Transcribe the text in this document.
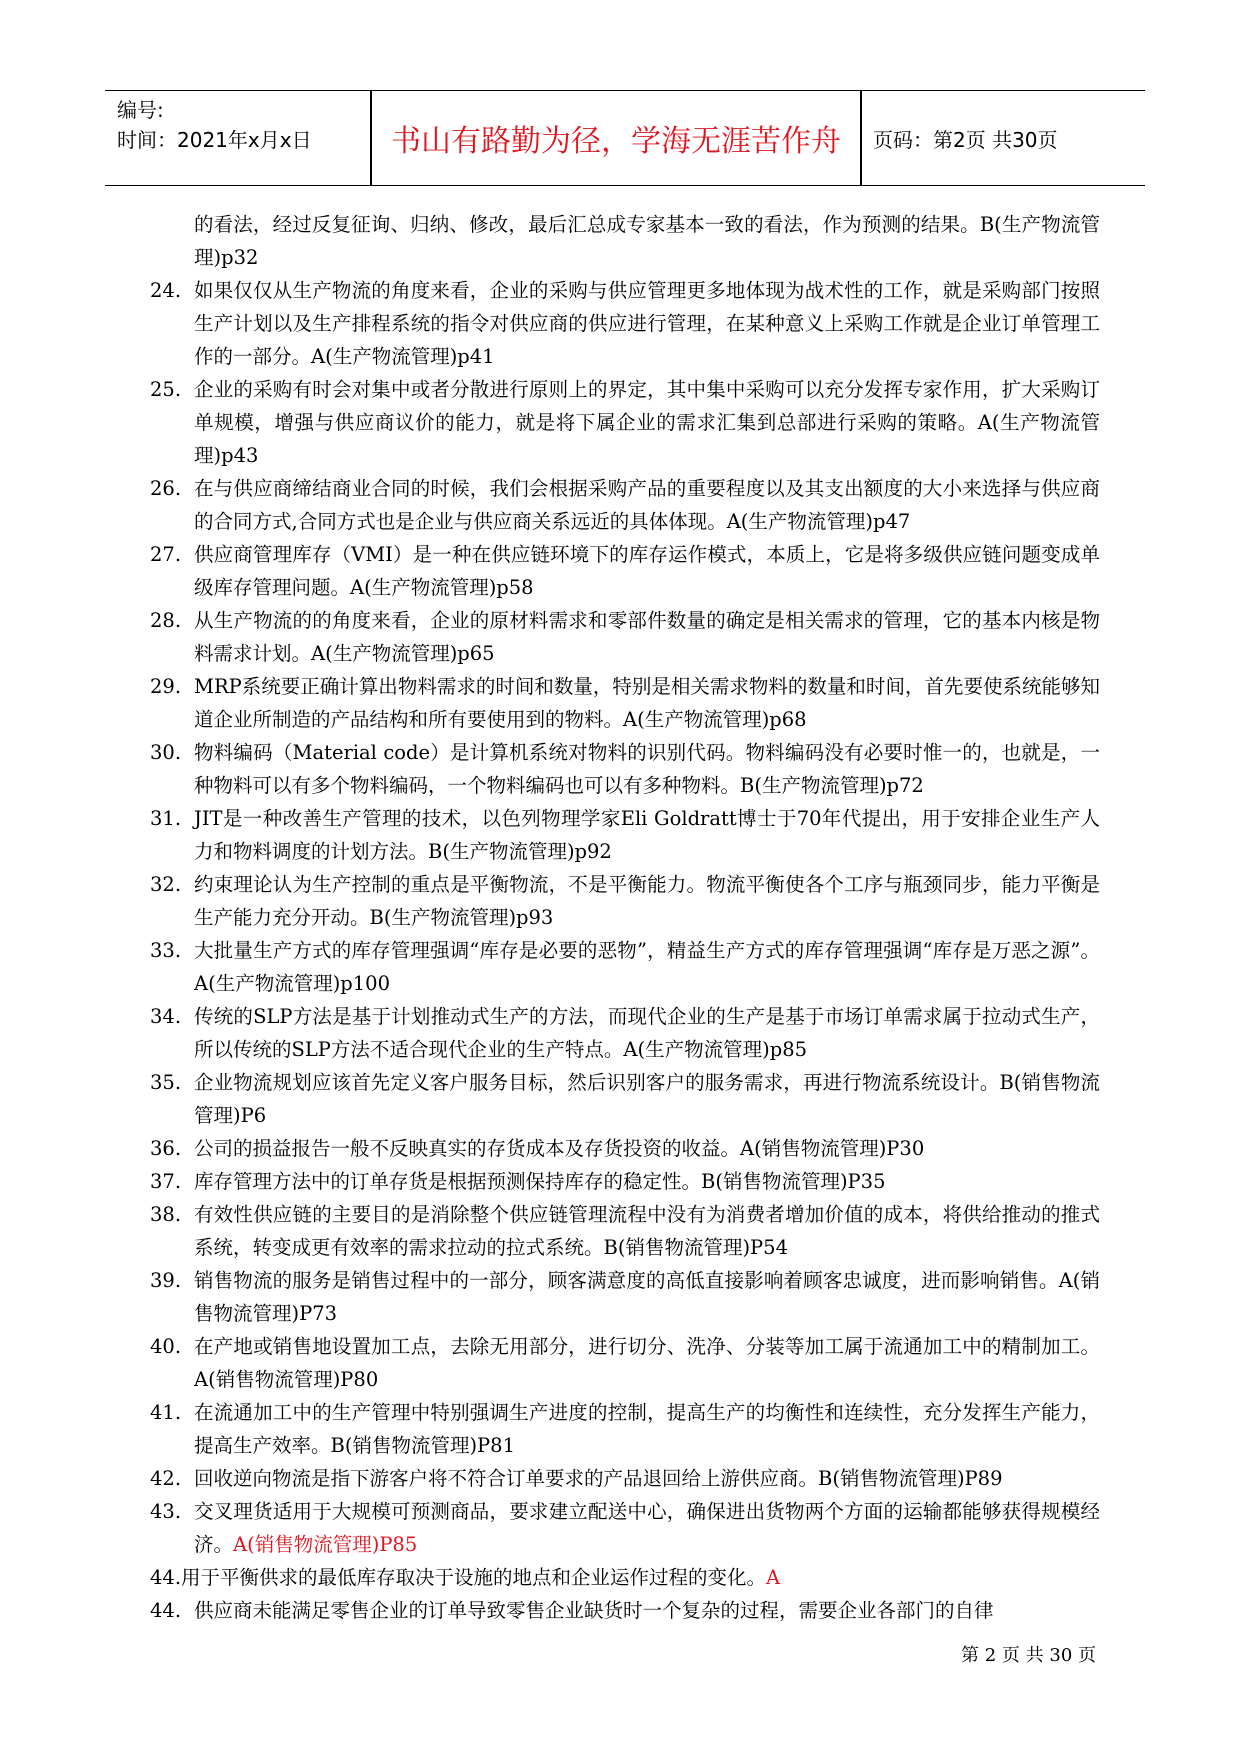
编号:
时间：2021年x月x日	书山有路勤为径，学海无涯苦作舟	页码：第2页 共30页
的看法，经过反复征询、归纳、修改，最后汇总成专家基本一致的看法，作为预测的结果。B(生产物流管理)p32
24. 如果仅仅从生产物流的角度来看，企业的采购与供应管理更多地体现为战术性的工作，就是采购部门按照生产计划以及生产排程系统的指令对供应商的供应进行管理，在某种意义上采购工作就是企业订单管理工作的一部分。A(生产物流管理)p41
25. 企业的采购有时会对集中或者分散进行原则上的界定，其中集中采购可以充分发挥专家作用，扩大采购订单规模，增强与供应商议价的能力，就是将下属企业的需求汇集到总部进行采购的策略。A(生产物流管理)p43
26. 在与供应商缔结商业合同的时候，我们会根据采购产品的重要程度以及其支出额度的大小来选择与供应商的合同方式,合同方式也是企业与供应商关系远近的具体体现。A(生产物流管理)p47
27. 供应商管理库存（VMI）是一种在供应链环境下的库存运作模式，本质上，它是将多级供应链问题变成单级库存管理问题。A(生产物流管理)p58
28. 从生产物流的的角度来看，企业的原材料需求和零部件数量的确定是相关需求的管理，它的基本内核是物料需求计划。A(生产物流管理)p65
29. MRP系统要正确计算出物料需求的时间和数量，特别是相关需求物料的数量和时间，首先要使系统能够知道企业所制造的产品结构和所有要使用到的物料。A(生产物流管理)p68
30. 物料编码（Material code）是计算机系统对物料的识别代码。物料编码没有必要时惟一的，也就是，一种物料可以有多个物料编码，一个物料编码也可以有多种物料。B(生产物流管理)p72
31. JIT是一种改善生产管理的技术，以色列物理学家Eli Goldratt博士于70年代提出，用于安排企业生产人力和物料调度的计划方法。B(生产物流管理)p92
32. 约束理论认为生产控制的重点是平衡物流，不是平衡能力。物流平衡使各个工序与瓶颈同步，能力平衡是生产能力充分开动。B(生产物流管理)p93
33. 大批量生产方式的库存管理强调“库存是必要的恶物”，精益生产方式的库存管理强调“库存是万恶之源”。A(生产物流管理)p100
34. 传统的SLP方法是基于计划推动式生产的方法，而现代企业的生产是基于市场订单需求属于拉动式生产，所以传统的SLP方法不适合现代企业的生产特点。A(生产物流管理)p85
35. 企业物流规划应该首先定义客户服务目标，然后识别客户的服务需求，再进行物流系统设计。B(销售物流管理)P6
36. 公司的损益报告一般不反映真实的存货成本及存货投资的收益。A(销售物流管理)P30
37. 库存管理方法中的订单存货是根据预测保持库存的稳定性。B(销售物流管理)P35
38. 有效性供应链的主要目的是消除整个供应链管理流程中没有为消费者增加价值的成本，将供给推动的推式系统，转变成更有效率的需求拉动的拉式系统。B(销售物流管理)P54
39. 销售物流的服务是销售过程中的一部分，顾客满意度的高低直接影响着顾客忠诚度，进而影响销售。A(销售物流管理)P73
40. 在产地或销售地设置加工点，去除无用部分，进行切分、洗净、分装等加工属于流通加工中的精制加工。A(销售物流管理)P80
41. 在流通加工中的生产管理中特别强调生产进度的控制，提高生产的均衡性和连续性，充分发挥生产能力，提高生产效率。B(销售物流管理)P81
42. 回收逆向物流是指下游客户将不符合订单要求的产品退回给上游供应商。B(销售物流管理)P89
43. 交叉理货适用于大规模可预测商品，要求建立配送中心，确保进出货物两个方面的运输都能够获得规模经济。A(销售物流管理)P85
44.用于平衡供求的最低库存取决于设施的地点和企业运作过程的变化。A
44. 供应商未能满足零售企业的订单导致零售企业缺货时一个复杂的过程，需要企业各部门的自律
第 2 页 共 30 页
